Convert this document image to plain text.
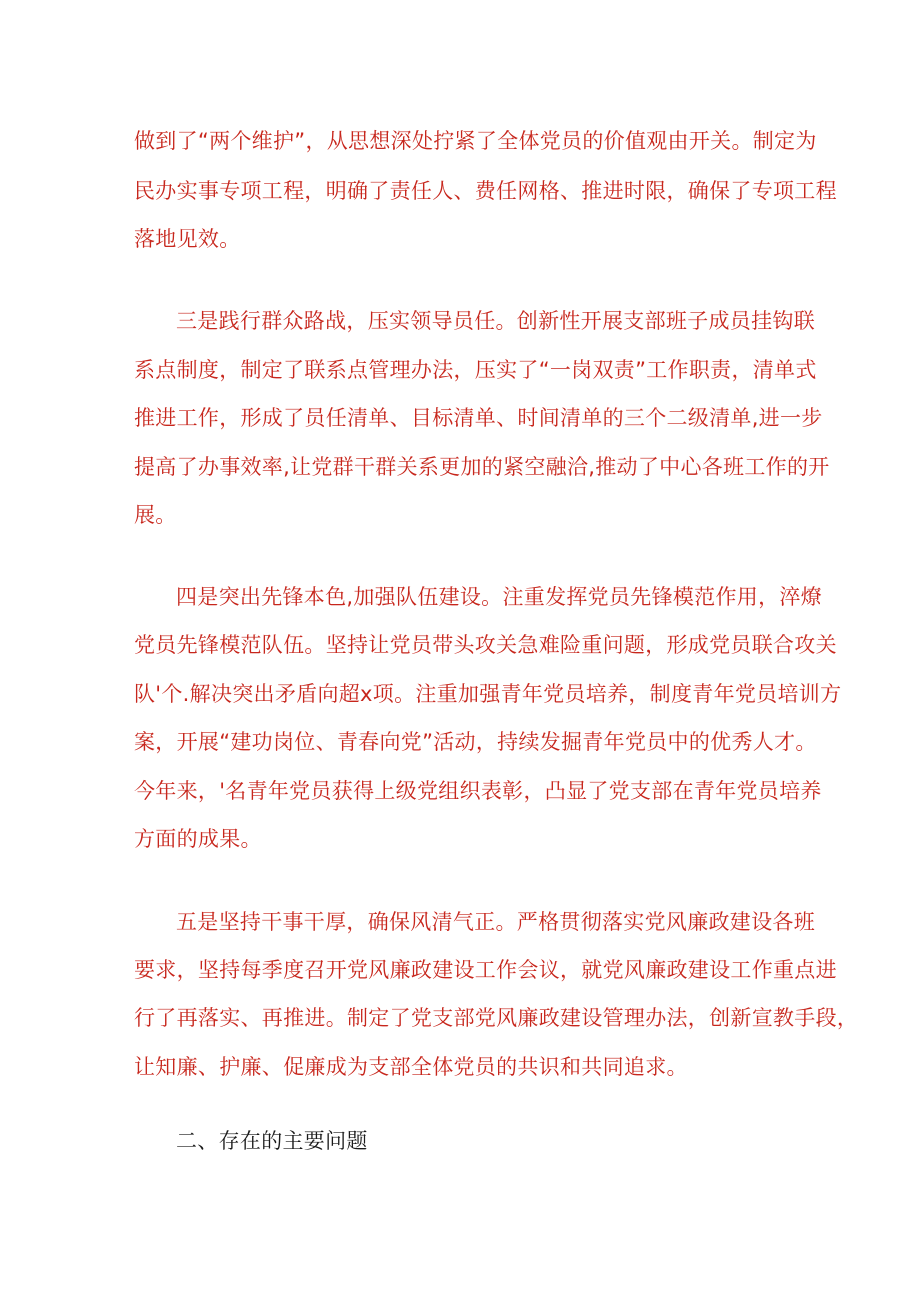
做到了“两个维护”，从思想深处拧紧了全体党员的价值观由开关。制定为
民办实事专项工程，明确了责任人、费任网格、推进时限，确保了专项工程
落地见效。
三是践行群众路战，压实领导员任。创新性开展支部班子成员挂钩联
系点制度，制定了联系点管理办法，压实了“一岗双责”工作职责，清单式
推进工作，形成了员任清单、目标清单、时间清单的三个二级清单,进一步
提高了办事效率,让党群干群关系更加的紧空融洽,推动了中心各班工作的开
展。
四是突出先锋本色,加强队伍建设。注重发挥党员先锋模范作用，淬燎
党员先锋模范队伍。坚持让党员带头攻关急难险重问题，形成党员联合攻关
队'个.解决突出矛盾向超x项。注重加强青年党员培养，制度青年党员培训方
案，开展“建功岗位、青春向党”活动，持续发掘青年党员中的优秀人才。
今年来，'名青年党员获得上级党组织表彰，凸显了党支部在青年党员培养
方面的成果。
五是坚持干事干厚，确保风清气正。严格贯彻落实党风廉政建设各班
要求，坚持每季度召开党风廉政建设工作会议，就党风廉政建设工作重点进
行了再落实、再推进。制定了党支部党风廉政建设管理办法，创新宣教手段，
让知廉、护廉、促廉成为支部全体党员的共识和共同追求。
二、存在的主要问题
